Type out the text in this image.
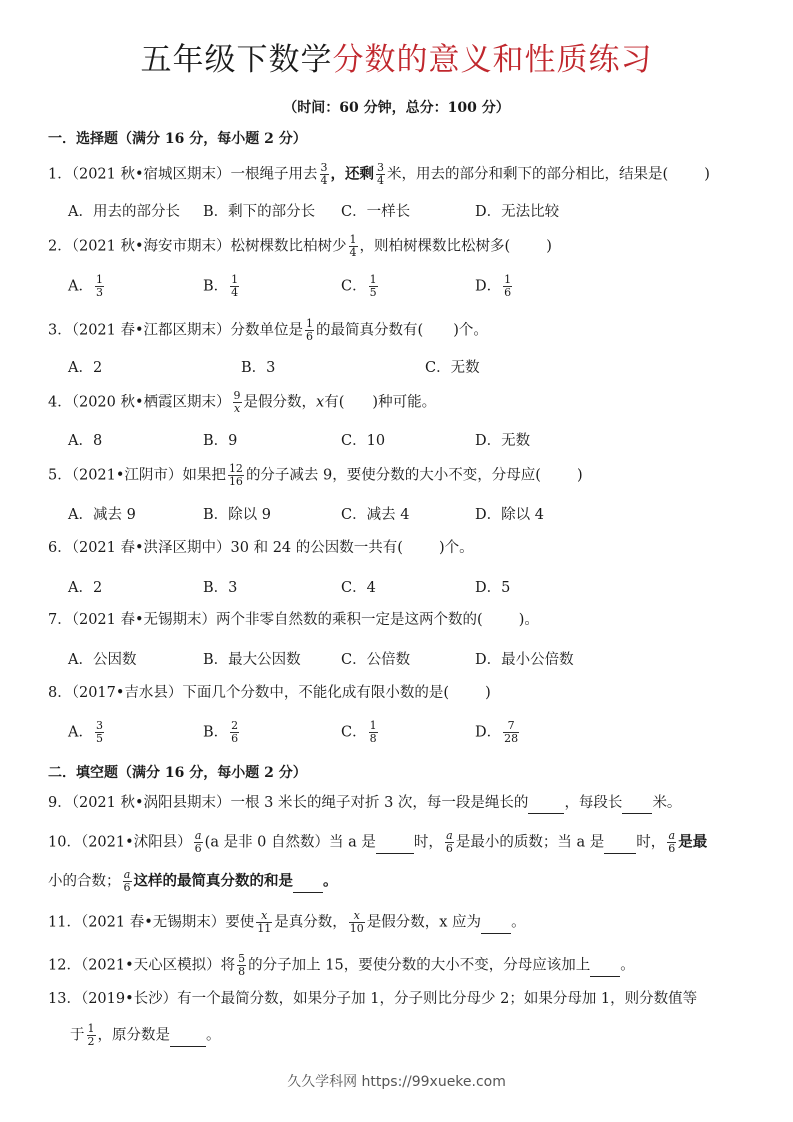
五年级下数学分数的意义和性质练习
（时间：60 分钟，总分：100 分）
一．选择题（满分 16 分，每小题 2 分）
1．（2021 秋•宿城区期末）一根绳子用去 $\frac{3}{4}$ ，还剩 $\frac{3}{4}$ 米，用去的部分和剩下的部分相比，结果是( )
A．用去的部分长 B．剩下的部分长 C．一样长	D．无法比较
2．（2021 秋•海安市期末）松树棵数比柏树少 $\frac{1}{4}$ ，则柏树棵数比松树多( )
A． $\frac{1}{3}$	B． $\frac{1}{4}$	C． $\frac{1}{5}$	D． $\frac{1}{6}$
3．（2021 春•江都区期末）分数单位是 $\frac{1}{6}$ 的最简真分数有( )个。
A．2	B．3	C．无数
4．（2020 秋•栖霞区期末） $\frac{9}{x}$ 是假分数，x有( )种可能。
A．8	B．9	C．10	D．无数
5．（2021•江阴市）如果把 $\frac{12}{16}$ 的分子减去 9，要使分数的大小不变，分母应( )
A．减去 9	B．除以 9	C．减去 4	D．除以 4
6．（2021 春•洪泽区期中）30 和 24 的公因数一共有( )个。
A．2	B．3	C．4	D．5
7．（2021 春•无锡期末）两个非零自然数的乘积一定是这两个数的( )。
A．公因数	B．最大公因数	C．公倍数	D．最小公倍数
8．（2017•吉水县）下面几个分数中，不能化成有限小数的是( )
A． $\frac{3}{5}$	B． $\frac{2}{6}$	C． $\frac{1}{8}$	D． $\frac{7}{28}$
二．填空题（满分 16 分，每小题 2 分）
9．（2021 秋•涡阳县期末）一根 3 米长的绳子对折 3 次，每一段是绳长的 ，每段长 米。
10．（2021•沭阳县） $\frac{a}{6} (a$ 是非 0 自然数）当 a 是	时， $\frac{a}{6}$ 是最小的质数；当 a 是 时， $\frac{a}{6}$ 是最
小的合数； $\frac{a}{6}$ 这样的最简真分数的和是 。
11．（2021 春•无锡期末）要使 $\frac{x}{11}$ 是真分数， $\frac{x}{10}$ 是假分数，x 应为 。
12．（2021•天心区模拟）将 $\frac{5}{8}$ 的分子加上 15，要使分数的大小不变，分母应该加上 。
13．（2019•长沙）有一个最简分数，如果分子加 1，分子则比分母少 2；如果分母加 1，则分数值等
于 $\frac{1}{2}$ ，原分数是 。
久久学科网 https://99xueke.com
